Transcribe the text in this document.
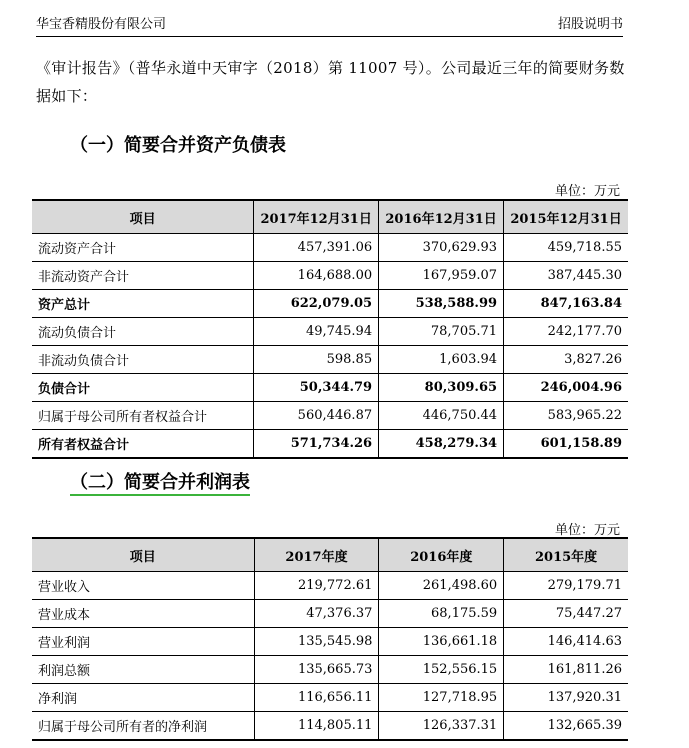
华宝香精股份有限公司	招股说明书
《审计报告》（普华永道中天审字（2018）第 11007 号）。公司最近三年的简要财务数据如下：
（一）简要合并资产负债表
单位：万元
项目	2017年12月31日	2016年12月31日	2015年12月31日
流动资产合计	457,391.06	370,629.93	459,718.55
非流动资产合计	164,688.00	167,959.07	387,445.30
资产总计	622,079.05	538,588.99	847,163.84
流动负债合计	49,745.94	78,705.71	242,177.70
非流动负债合计	598.85	1,603.94	3,827.26
负债合计	50,344.79	80,309.65	246,004.96
归属于母公司所有者权益合计	560,446.87	446,750.44	583,965.22
所有者权益合计	571,734.26	458,279.34	601,158.89
（二）简要合并利润表
单位：万元
项目	2017年度	2016年度	2015年度
营业收入	219,772.61	261,498.60	279,179.71
营业成本	47,376.37	68,175.59	75,447.27
营业利润	135,545.98	136,661.18	146,414.63
利润总额	135,665.73	152,556.15	161,811.26
净利润	116,656.11	127,718.95	137,920.31
归属于母公司所有者的净利润	114,805.11	126,337.31	132,665.39
